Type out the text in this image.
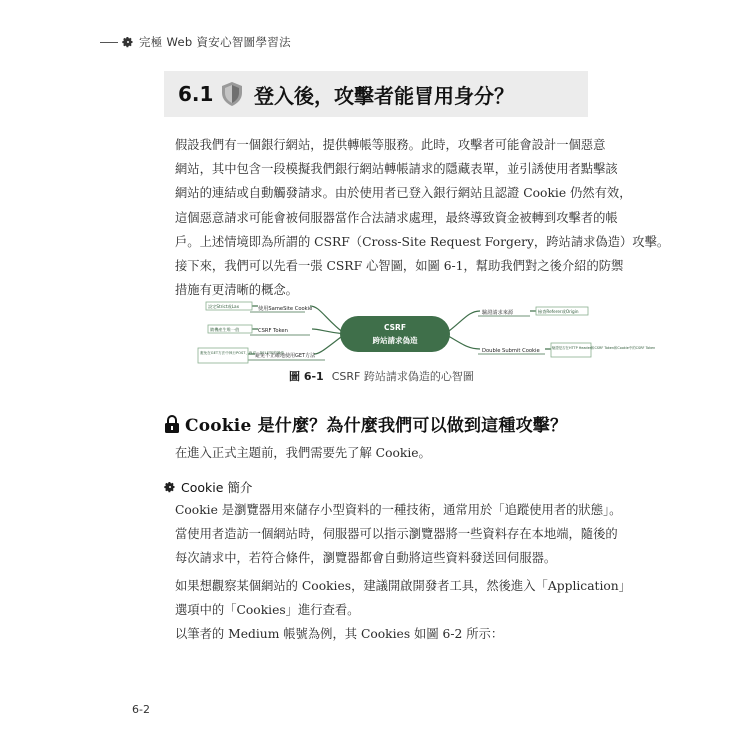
完極 Web 資安心智圖學習法
6.1	登入後，攻擊者能冒用身分？
假設我們有一個銀行網站，提供轉帳等服務。此時，攻擊者可能會設計一個惡意
網站，其中包含一段模擬我們銀行網站轉帳請求的隱藏表單，並引誘使用者點擊該
網站的連結或自動觸發請求。由於使用者已登入銀行網站且認證 Cookie 仍然有效，
這個惡意請求可能會被伺服器當作合法請求處理，最終導致資金被轉到攻擊者的帳
戶。上述情境即為所謂的 CSRF（Cross-Site Request Forgery，跨站請求偽造）攻擊。
接下來，我們可以先看一張 CSRF 心智圖，如圖 6-1，幫助我們對之後介紹的防禦
措施有更清晰的概念。
CSRF
跨站請求偽造
使用SameSite Cookie
設定Strict或Lax
CSRF Token
隨機產生唯一值
避免不正確地使用GET方法
避免在GET方法中執行POST、PUT、DELETE的操作
驗證請求來源	檢查Referer或Origin
Double Submit Cookie	驗證是否在HTTP Header和CSRF Token和Cookie中的CSRF Token
圖 6-1 CSRF 跨站請求偽造的心智圖
Cookie 是什麼？為什麼我們可以做到這種攻擊？
在進入正式主題前，我們需要先了解 Cookie。
Cookie 簡介
Cookie 是瀏覽器用來儲存小型資料的一種技術，通常用於「追蹤使用者的狀態」。
當使用者造訪一個網站時，伺服器可以指示瀏覽器將一些資料存在本地端，隨後的
每次請求中，若符合條件，瀏覽器都會自動將這些資料發送回伺服器。
如果想觀察某個網站的 Cookies，建議開啟開發者工具，然後進入「Application」
選項中的「Cookies」進行查看。
以筆者的 Medium 帳號為例，其 Cookies 如圖 6-2 所示：
6-2
